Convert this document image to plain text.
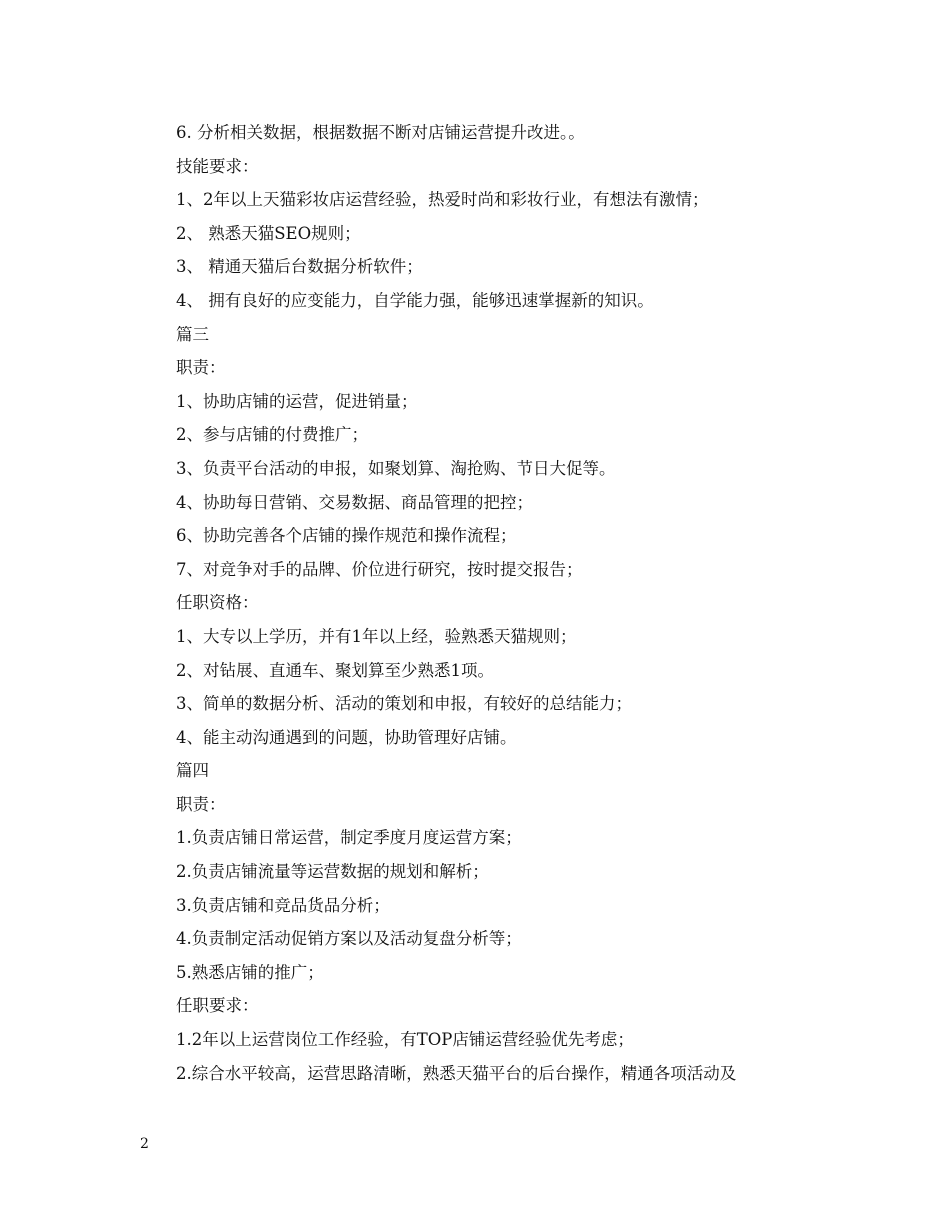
6. 分析相关数据，根据数据不断对店铺运营提升改进。。
技能要求：
1、2年以上天猫彩妆店运营经验，热爱时尚和彩妆行业，有想法有激情；
2、 熟悉天猫SEO规则；
3、 精通天猫后台数据分析软件；
4、 拥有良好的应变能力，自学能力强，能够迅速掌握新的知识。
篇三
职责：
1、协助店铺的运营，促进销量；
2、参与店铺的付费推广；
3、负责平台活动的申报，如聚划算、淘抢购、节日大促等。
4、协助每日营销、交易数据、商品管理的把控；
6、协助完善各个店铺的操作规范和操作流程；
7、对竞争对手的品牌、价位进行研究，按时提交报告；
任职资格：
1、大专以上学历，并有1年以上经，验熟悉天猫规则；
2、对钻展、直通车、聚划算至少熟悉1项。
3、简单的数据分析、活动的策划和申报，有较好的总结能力；
4、能主动沟通遇到的问题，协助管理好店铺。
篇四
职责：
1.负责店铺日常运营，制定季度月度运营方案；
2.负责店铺流量等运营数据的规划和解析；
3.负责店铺和竞品货品分析；
4.负责制定活动促销方案以及活动复盘分析等；
5.熟悉店铺的推广；
任职要求：
1.2年以上运营岗位工作经验，有TOP店铺运营经验优先考虑；
2.综合水平较高，运营思路清晰，熟悉天猫平台的后台操作，精通各项活动及
2
